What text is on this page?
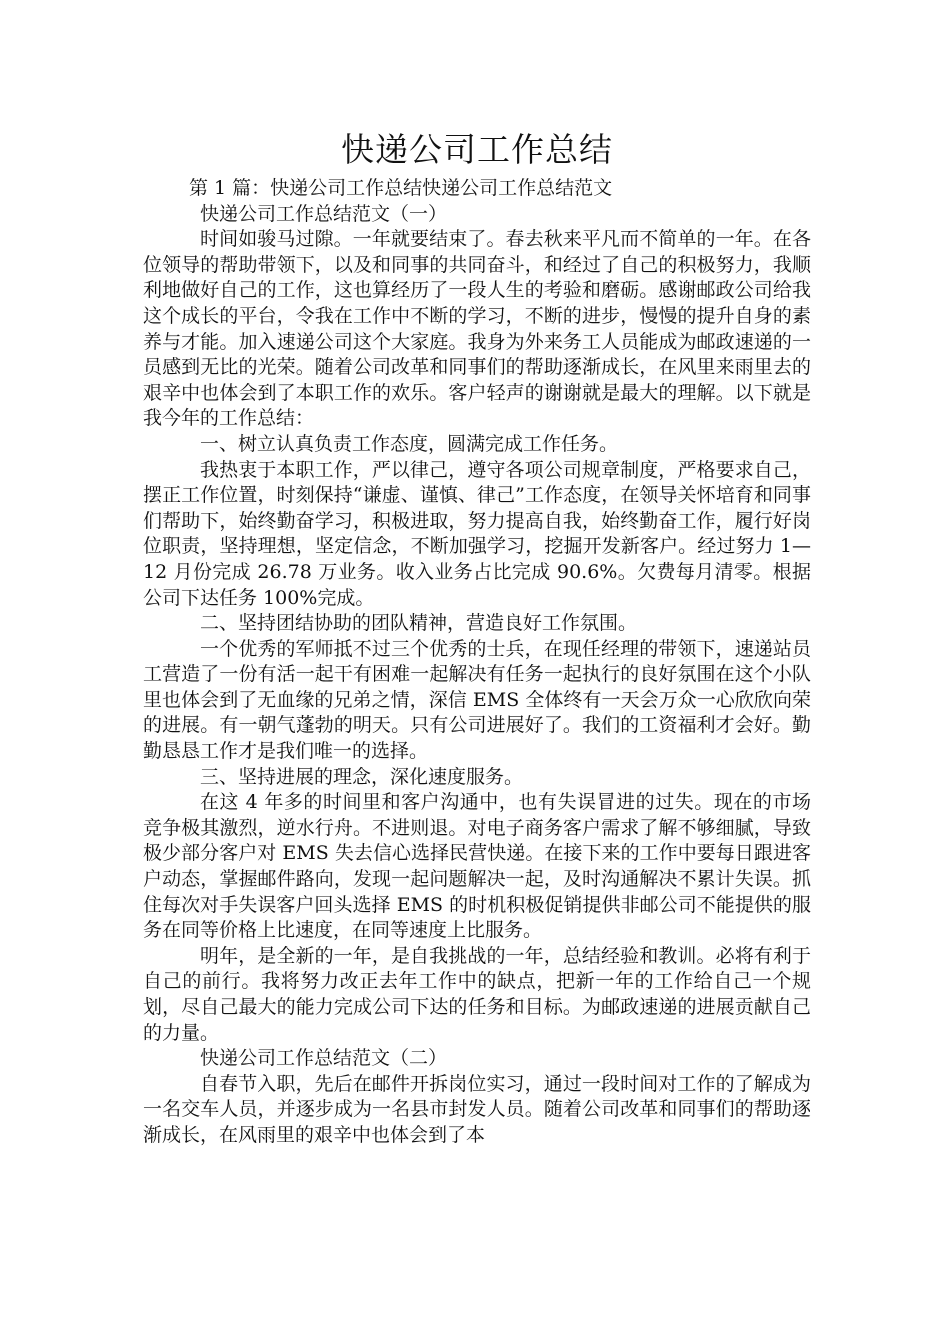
快递公司工作总结

第 1 篇：快递公司工作总结快递公司工作总结范文

快递公司工作总结范文（一）

时间如骏马过隙。一年就要结束了。春去秋来平凡而不简单的一年。在各位领导的帮助带领下，以及和同事的共同奋斗，和经过了自己的积极努力，我顺利地做好自己的工作，这也算经历了一段人生的考验和磨砺。感谢邮政公司给我这个成长的平台，令我在工作中不断的学习，不断的进步，慢慢的提升自身的素养与才能。加入速递公司这个大家庭。我身为外来务工人员能成为邮政速递的一员感到无比的光荣。随着公司改革和同事们的帮助逐渐成长，在风里来雨里去的艰辛中也体会到了本职工作的欢乐。客户轻声的谢谢就是最大的理解。以下就是我今年的工作总结：

一、树立认真负责工作态度，圆满完成工作任务。

我热衷于本职工作，严以律己，遵守各项公司规章制度，严格要求自己，摆正工作位置，时刻保持“谦虚、谨慎、律己”工作态度，在领导关怀培育和同事们帮助下，始终勤奋学习，积极进取，努力提高自我，始终勤奋工作，履行好岗位职责，坚持理想，坚定信念，不断加强学习，挖掘开发新客户。经过努力 1—12 月份完成 26.78 万业务。收入业务占比完成 90.6%。欠费每月清零。根据公司下达任务 100%完成。

二、坚持团结协助的团队精神，营造良好工作氛围。

一个优秀的军师抵不过三个优秀的士兵，在现任经理的带领下，速递站员工营造了一份有活一起干有困难一起解决有任务一起执行的良好氛围在这个小队里也体会到了无血缘的兄弟之情，深信 EMS 全体终有一天会万众一心欣欣向荣的进展。有一朝气蓬勃的明天。只有公司进展好了。我们的工资福利才会好。勤勤恳恳工作才是我们唯一的选择。

三、坚持进展的理念，深化速度服务。

在这 4 年多的时间里和客户沟通中，也有失误冒进的过失。现在的市场竞争极其激烈，逆水行舟。不进则退。对电子商务客户需求了解不够细腻，导致极少部分客户对 EMS 失去信心选择民营快递。在接下来的工作中要每日跟进客户动态，掌握邮件路向，发现一起问题解决一起，及时沟通解决不累计失误。抓住每次对手失误客户回头选择 EMS 的时机积极促销提供非邮公司不能提供的服务在同等价格上比速度，在同等速度上比服务。

明年，是全新的一年，是自我挑战的一年，总结经验和教训。必将有利于自己的前行。我将努力改正去年工作中的缺点，把新一年的工作给自己一个规划，尽自己最大的能力完成公司下达的任务和目标。为邮政速递的进展贡献自己的力量。

快递公司工作总结范文（二）

自春节入职，先后在邮件开拆岗位实习，通过一段时间对工作的了解成为一名交车人员，并逐步成为一名县市封发人员。随着公司改革和同事们的帮助逐渐成长，在风雨里的艰辛中也体会到了本
